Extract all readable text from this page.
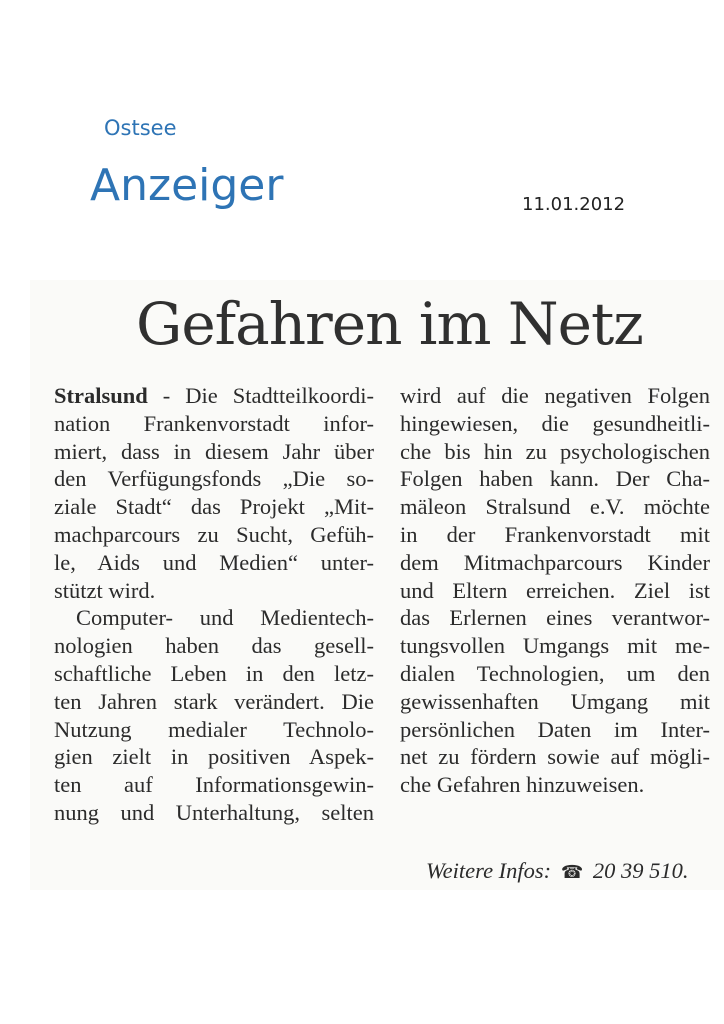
Ostsee
Anzeiger	11.01.2012
Gefahren im Netz
Stralsund - Die Stadtteilkoordi-
nation Frankenvorstadt infor-
miert, dass in diesem Jahr über
den Verfügungsfonds „Die so-
ziale Stadt“ das Projekt „Mit-
machparcours zu Sucht, Gefüh-
le, Aids und Medien“ unter-
stützt wird.
Computer- und Medientech-
nologien haben das gesell-
schaftliche Leben in den letz-
ten Jahren stark verändert. Die
Nutzung medialer Technolo-
gien zielt in positiven Aspek-
ten auf Informationsgewin-
nung und Unterhaltung, selten
wird auf die negativen Folgen
hingewiesen, die gesundheitli-
che bis hin zu psychologischen
Folgen haben kann. Der Cha-
mäleon Stralsund e.V. möchte
in der Frankenvorstadt mit
dem Mitmachparcours Kinder
und Eltern erreichen. Ziel ist
das Erlernen eines verantwor-
tungsvollen Umgangs mit me-
dialen Technologien, um den
gewissenhaften Umgang mit
persönlichen Daten im Inter-
net zu fördern sowie auf mögli-
che Gefahren hinzuweisen.
Weitere Infos: ☎ 20 39 510.
